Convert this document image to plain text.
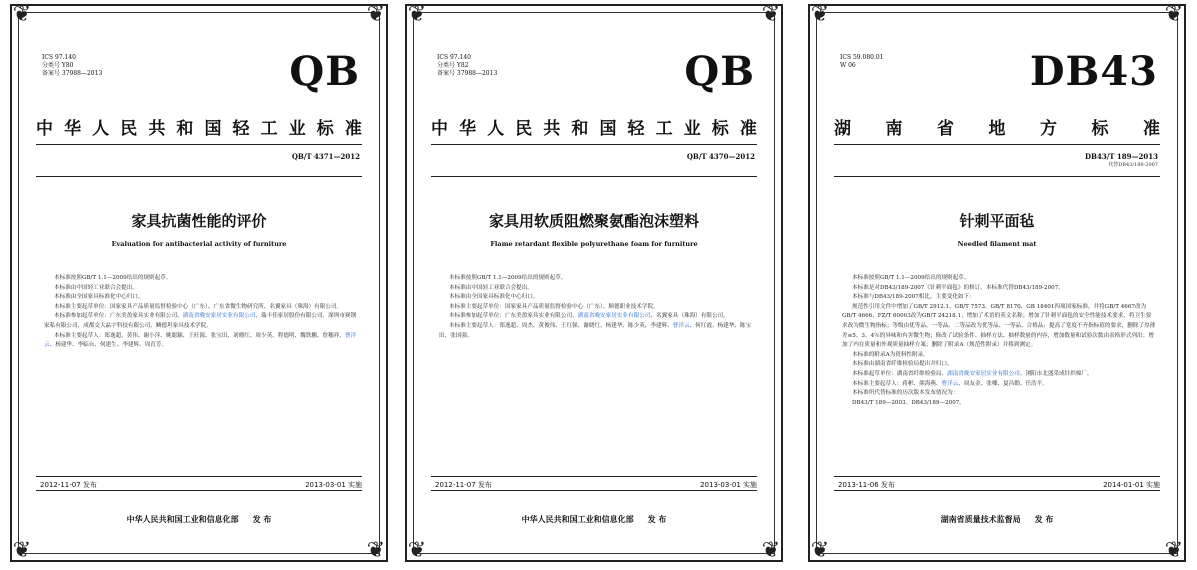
❦	❦
❦	❦
ICS 97.140
分类号 Y80
备案号 37988—2013	QB
中 华 人 民 共 和 国 轻 工 业 标 准
QB/T 4371—2012
家具抗菌性能的评价
Evaluation for antibacterial activity of furniture

本标准按照GB/T 1.1—2009给出的规则起草。

本标准由中国轻工业联合会提出。

本标准由全国家具标准化中心归口。

本标准主要起草单位：国家家具产品质量监督检验中心（广东）、广东省微生物研究所、名翼家具（珠海）有限公司。

本标准参加起草单位：广东美盈家具实业有限公司、湖南省晚安家居实业有限公司、瑞丰佳家居股份有限公司、深圳市赛钢家私有限公司、成都交大晶宇科技有限公司、鳞德坦家具技术学院。

本标准主要起草人：郑逸超、黄伟、谢小萍、姚聪颖、王旺源、张宝田、刘晓红、周少英、程德明、魏铁鹏、詹穗祥、曹洋云、杨建华、李临台、何建生、李建辉、周育芳。

2012-11-07 发布	2013-03-01 实施
中华人民共和国工业和信息化部 发 布
❦	❦
❦	❦
ICS 97.140
分类号 Y82
备案号 37988—2013	QB
中 华 人 民 共 和 国 轻 工 业 标 准
QB/T 4370—2012
家具用软质阻燃聚氨酯泡沫塑料
Flame retardant flexible polyurethane foam for furniture

本标准按照GB/T 1.1—2009给出的规则起草。

本标准由中国轻工业联合会提出。

本标准由全国家具标准化中心归口。

本标准主要起草单位：国家家具产品质量监督检验中心（广东）、顺德职业技术学院。

本标准参加起草单位：广东美盈家具实业有限公司、湖南省晚安家居实业有限公司、名翼家具（珠海）有限公司。

本标准主要起草人：郑逸超、周杰、黄俊伟、王红强、谢晓红、杨建华、陈少英、李建辉、曹洋云、何红霞、杨建华、陈宝田、张国强。

2012-11-07 发布	2013-03-01 实施
中华人民共和国工业和信息化部 发 布
❦	❦
❦	❦
ICS 59.080.01
W 06	DB43
湖 南 省 地 方 标 准
DB43/T 189—2013
代替DB43/189-2007
针刺平面毡
Needled filament mat

本标准按照GB/T 1.1—2009给出的规则起草。

本标准是对DB43/189-2007《针刺平面毡》的修订。本标准代替DB43/189-2007。

本标准与DB43/189-2007相比，主要变化如下：

规范性引用文件中增加了GB/T 2912.1、GB/T 7573、GB/T 8170、GB 18401四项国家标准，并将GB/T 4667改为GB/T 4666、FZ/T 60003改为GB/T 24218.1；增加了术语的英文名称；增加了针刺平面毡的安全性能技术要求，将卫生要求改为微生物指标；等级由优等品、一等品、二等品改为优等品、一等品、合格品；提高了宽度不齐指标值的要求，删除了厚薄差≤5、3、4％的异味和有害微生物；修改了试验条件、抽样方法、抽样数量的内容，增加数量和试验次数由表格形式列出；增加了内在质量和外观质量抽样方案；删除了附录A（规范性附录）并移到测定。

本标准的附录A为资料性附录。

本标准由湖南省纤维检验局提出并归口。

本标准起草单位：湖南省纤维检验局、湖南省晚安家居实业有限公司、浏阳市北盛采成针织棉厂。

本标准主要起草人：蒋彬、熊海燕、曹洋云、周友金、张卿、夏昌勤、任浩平。

本标准所代替标准的历次版本发布情况为：

DB43/T 189—2003、DB43/189—2007。

2013-11-06 发布	2014-01-01 实施
湖南省质量技术监督局 发 布
